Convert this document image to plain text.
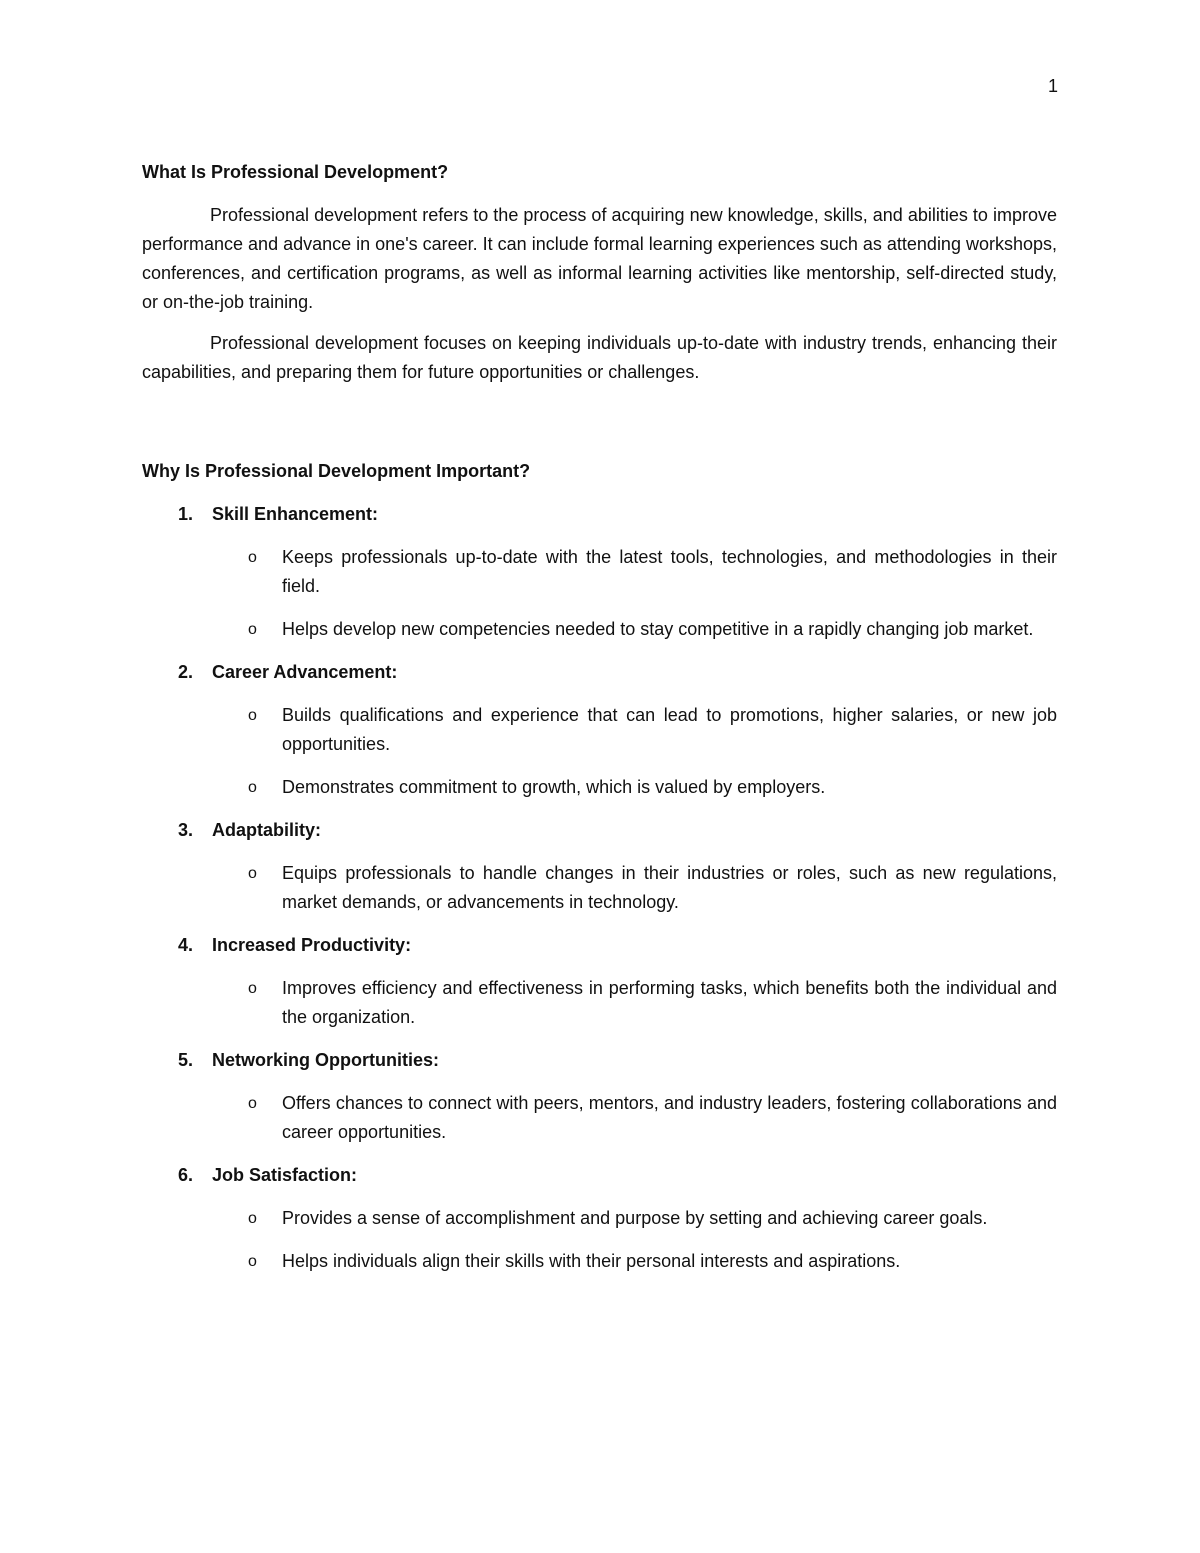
1
What Is Professional Development?

Professional development refers to the process of acquiring new knowledge, skills, and abilities to improve performance and advance in one's career. It can include formal learning experiences such as attending workshops, conferences, and certification programs, as well as informal learning activities like mentorship, self-directed study, or on-the-job training.

Professional development focuses on keeping individuals up-to-date with industry trends, enhancing their capabilities, and preparing them for future opportunities or challenges.

Why Is Professional Development Important?
1.	Skill Enhancement:
o	Keeps professionals up-to-date with the latest tools, technologies, and methodologies in their field.
o	Helps develop new competencies needed to stay competitive in a rapidly changing job market.
2.	Career Advancement:
o	Builds qualifications and experience that can lead to promotions, higher salaries, or new job opportunities.
o	Demonstrates commitment to growth, which is valued by employers.
3.	Adaptability:
o	Equips professionals to handle changes in their industries or roles, such as new regulations, market demands, or advancements in technology.
4.	Increased Productivity:
o	Improves efficiency and effectiveness in performing tasks, which benefits both the individual and the organization.
5.	Networking Opportunities:
o	Offers chances to connect with peers, mentors, and industry leaders, fostering collaborations and career opportunities.
6.	Job Satisfaction:
o	Provides a sense of accomplishment and purpose by setting and achieving career goals.
o	Helps individuals align their skills with their personal interests and aspirations.
